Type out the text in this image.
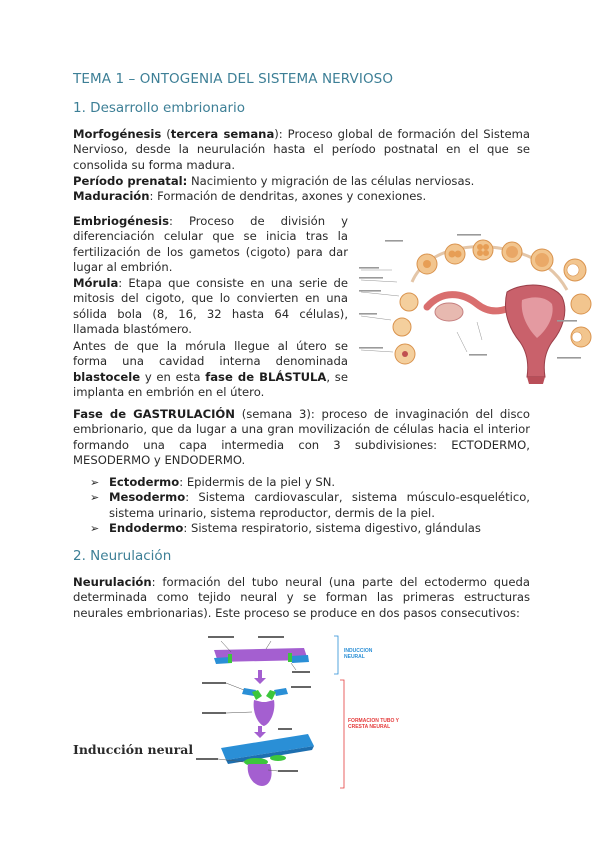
TEMA 1 – ONTOGENIA DEL SISTEMA NERVIOSO
1. Desarrollo embrionario

Morfogénesis (tercera semana): Proceso global de formación del Sistema Nervioso, desde la neurulación hasta el período postnatal en el que se consolida su forma madura.

Período prenatal: Nacimiento y migración de las células nerviosas.

Maduración: Formación de dendritas, axones y conexiones.

Embriogénesis: Proceso de división y diferenciación celular que se inicia tras la fertilización de los gametos (cigoto) para dar lugar al embrión.

Mórula: Etapa que consiste en una serie de mitosis del cigoto, que lo convierten en una sólida bola (8, 16, 32 hasta 64 células), llamada blastómero.

Antes de que la mórula llegue al útero se forma una cavidad interna denominada blastocele y en esta fase de BLÁSTULA, se implanta en embrión en el útero.

Fase de GASTRULACIÓN (semana 3): proceso de invaginación del disco embrionario, que da lugar a una gran movilización de células hacia el interior formando una capa intermedia con 3 subdivisiones: ECTODERMO, MESODERMO y ENDODERMO.

➢ Ectodermo: Epidermis de la piel y SN.
➢ Mesodermo: Sistema cardiovascular, sistema músculo-esquelético, sistema urinario, sistema reproductor, dermis de la piel.
➢ Endodermo: Sistema respiratorio, sistema digestivo, glándulas
2. Neurulación

Neurulación: formación del tubo neural (una parte del ectodermo queda determinada como tejido neural y se forman las primeras estructuras neurales embrionarias). Este proceso se produce en dos pasos consecutivos:

Inducción neural
INDUCCIÓN NEURAL
FORMACIÓN TUBO Y CRESTA NEURAL
